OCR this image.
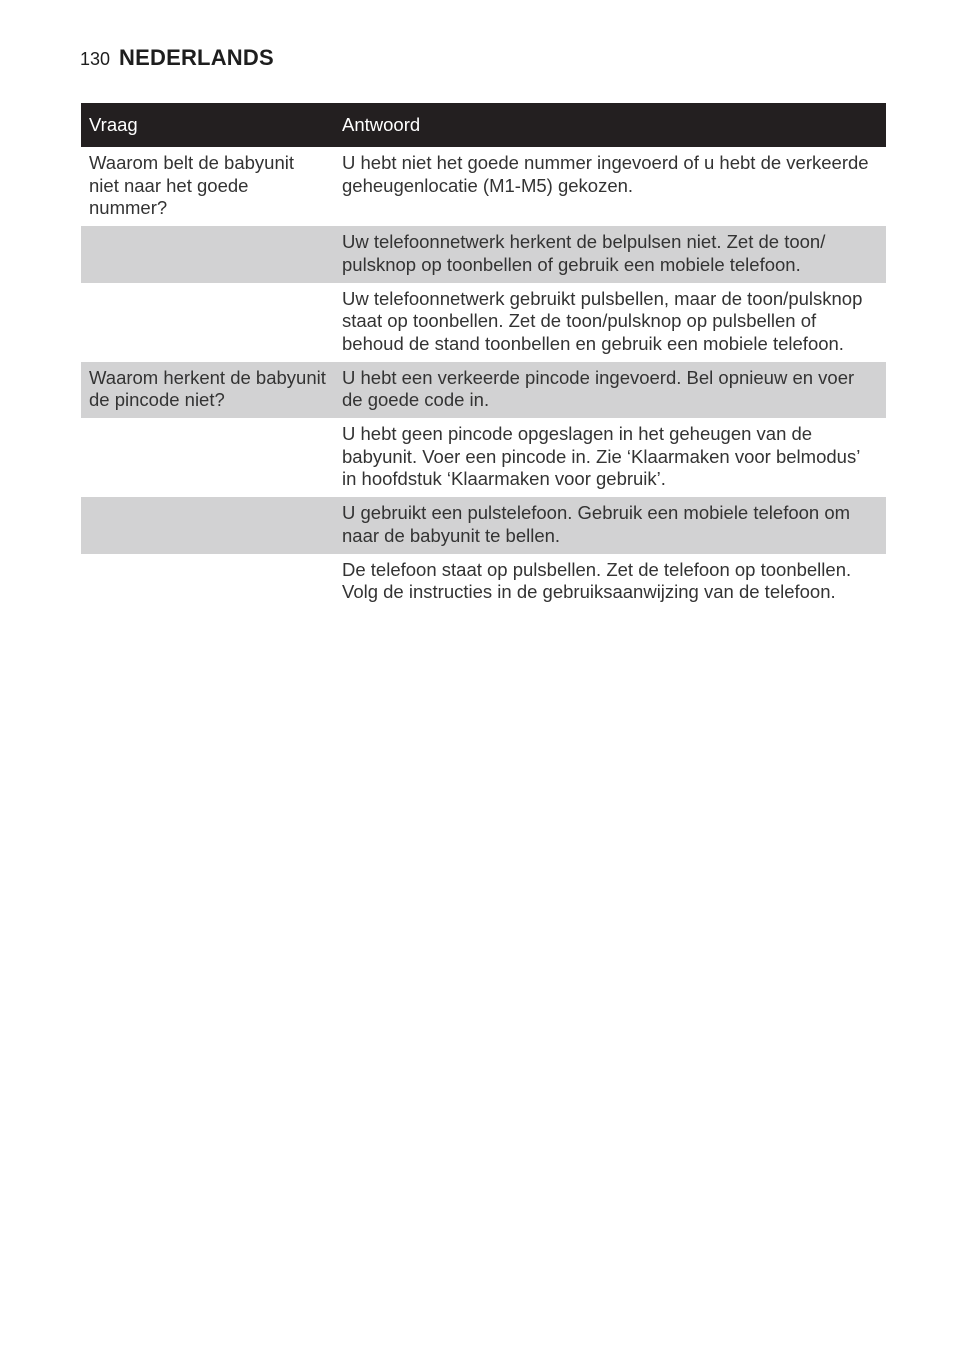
130 NEDERLANDS
Vraag	Antwoord
Waarom belt de babyunit niet naar het goede nummer?	U hebt niet het goede nummer ingevoerd of u hebt de verkeerde geheugenlocatie (M1-M5) gekozen.
	Uw telefoonnetwerk herkent de belpulsen niet. Zet de toon/ pulsknop op toonbellen of gebruik een mobiele telefoon.
	Uw telefoonnetwerk gebruikt pulsbellen, maar de toon/pulsknop staat op toonbellen. Zet de toon/pulsknop op pulsbellen of behoud de stand toonbellen en gebruik een mobiele telefoon.
Waarom herkent de babyunit de pincode niet?	U hebt een verkeerde pincode ingevoerd. Bel opnieuw en voer de goede code in.
	U hebt geen pincode opgeslagen in het geheugen van de babyunit. Voer een pincode in. Zie ‘Klaarmaken voor belmodus’ in hoofdstuk ‘Klaarmaken voor gebruik’.
	U gebruikt een pulstelefoon. Gebruik een mobiele telefoon om naar de babyunit te bellen.
	De telefoon staat op pulsbellen. Zet de telefoon op toonbellen. Volg de instructies in de gebruiksaanwijzing van de telefoon.
